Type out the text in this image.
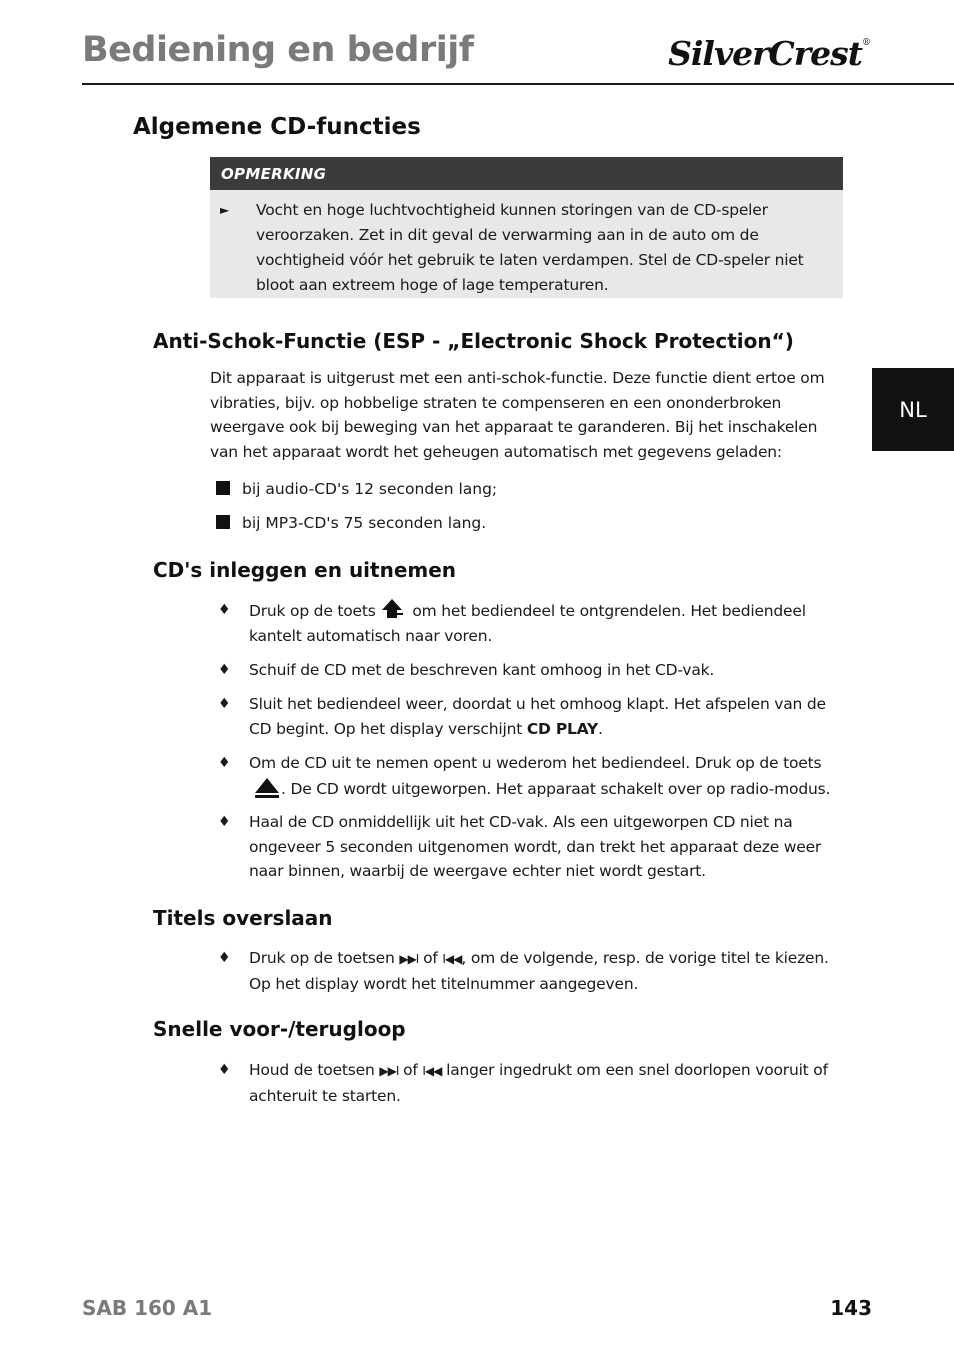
Bediening en bedrijf	SilverCrest®
NL
Algemene CD-functies
OPMERKING
► Vocht en hoge luchtvochtigheid kunnen storingen van de CD-speler veroorzaken. Zet in dit geval de verwarming aan in de auto om de vochtigheid vóór het gebruik te laten verdampen. Stel de CD-speler niet bloot aan extreem hoge of lage temperaturen.
Anti-Schok-Functie (ESP - „Electronic Shock Protection“)

Dit apparaat is uitgerust met een anti-schok-functie. Deze functie dient ertoe om vibraties, bijv. op hobbelige straten te compenseren en een ononderbroken weergave ook bij beweging van het apparaat te garanderen. Bij het inschakelen van het apparaat wordt het geheugen automatisch met gegevens geladen:

bij audio-CD's 12 seconden lang;
bij MP3-CD's 75 seconden lang.
CD's inleggen en uitnemen
♦ Druk op de toets om het bediendeel te ontgrendelen. Het bediendeel kantelt automatisch naar voren.
♦ Schuif de CD met de beschreven kant omhoog in het CD-vak.
♦ Sluit het bediendeel weer, doordat u het omhoog klapt. Het afspelen van de CD begint. Op het display verschijnt CD PLAY.
♦ Om de CD uit te nemen opent u wederom het bediendeel. Druk op de toets. De CD wordt uitgeworpen. Het apparaat schakelt over op radio-modus.
♦ Haal de CD onmiddellijk uit het CD-vak. Als een uitgeworpen CD niet na ongeveer 5 seconden uitgenomen wordt, dan trekt het apparaat deze weer naar binnen, waarbij de weergave echter niet wordt gestart.
Titels overslaan
♦ Druk op de toetsen ▶▶I of I◀◀, om de volgende, resp. de vorige titel te kiezen. Op het display wordt het titelnummer aangegeven.
Snelle voor-/terugloop
♦ Houd de toetsen ▶▶I of I◀◀ langer ingedrukt om een snel doorlopen vooruit of achteruit te starten.
SAB 160 A1	143
